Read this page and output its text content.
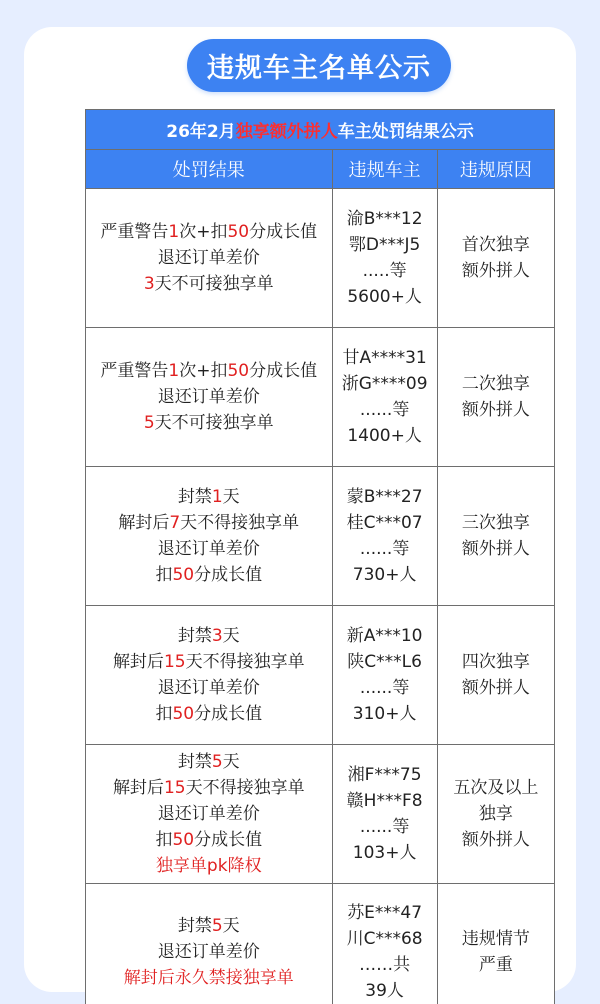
违规车主名单公示
26年2月独享额外拼人车主处罚结果公示		
处罚结果	违规车主	违规原因

严重警告1次+扣50分成长值
退还订单差价
3天不可接独享单	渝B***12
鄂D***J5
.....等
5600+人	首次独享
额外拼人

严重警告1次+扣50分成长值
退还订单差价
5天不可接独享单	甘A****31
浙G****09
......等
1400+人	二次独享
额外拼人

封禁1天
解封后7天不得接独享单
退还订单差价
扣50分成长值	蒙B***27
桂C***07
......等
730+人	三次独享
额外拼人

封禁3天
解封后15天不得接独享单
退还订单差价
扣50分成长值	新A***10
陕C***L6
......等
310+人	四次独享
额外拼人

封禁5天
解封后15天不得接独享单
退还订单差价
扣50分成长值
独享单pk降权	湘F***75
赣H***F8
......等
103+人	五次及以上
独享
额外拼人

封禁5天
退还订单差价
解封后永久禁接独享单	苏E***47
川C***68
……共
39人	违规情节
严重
